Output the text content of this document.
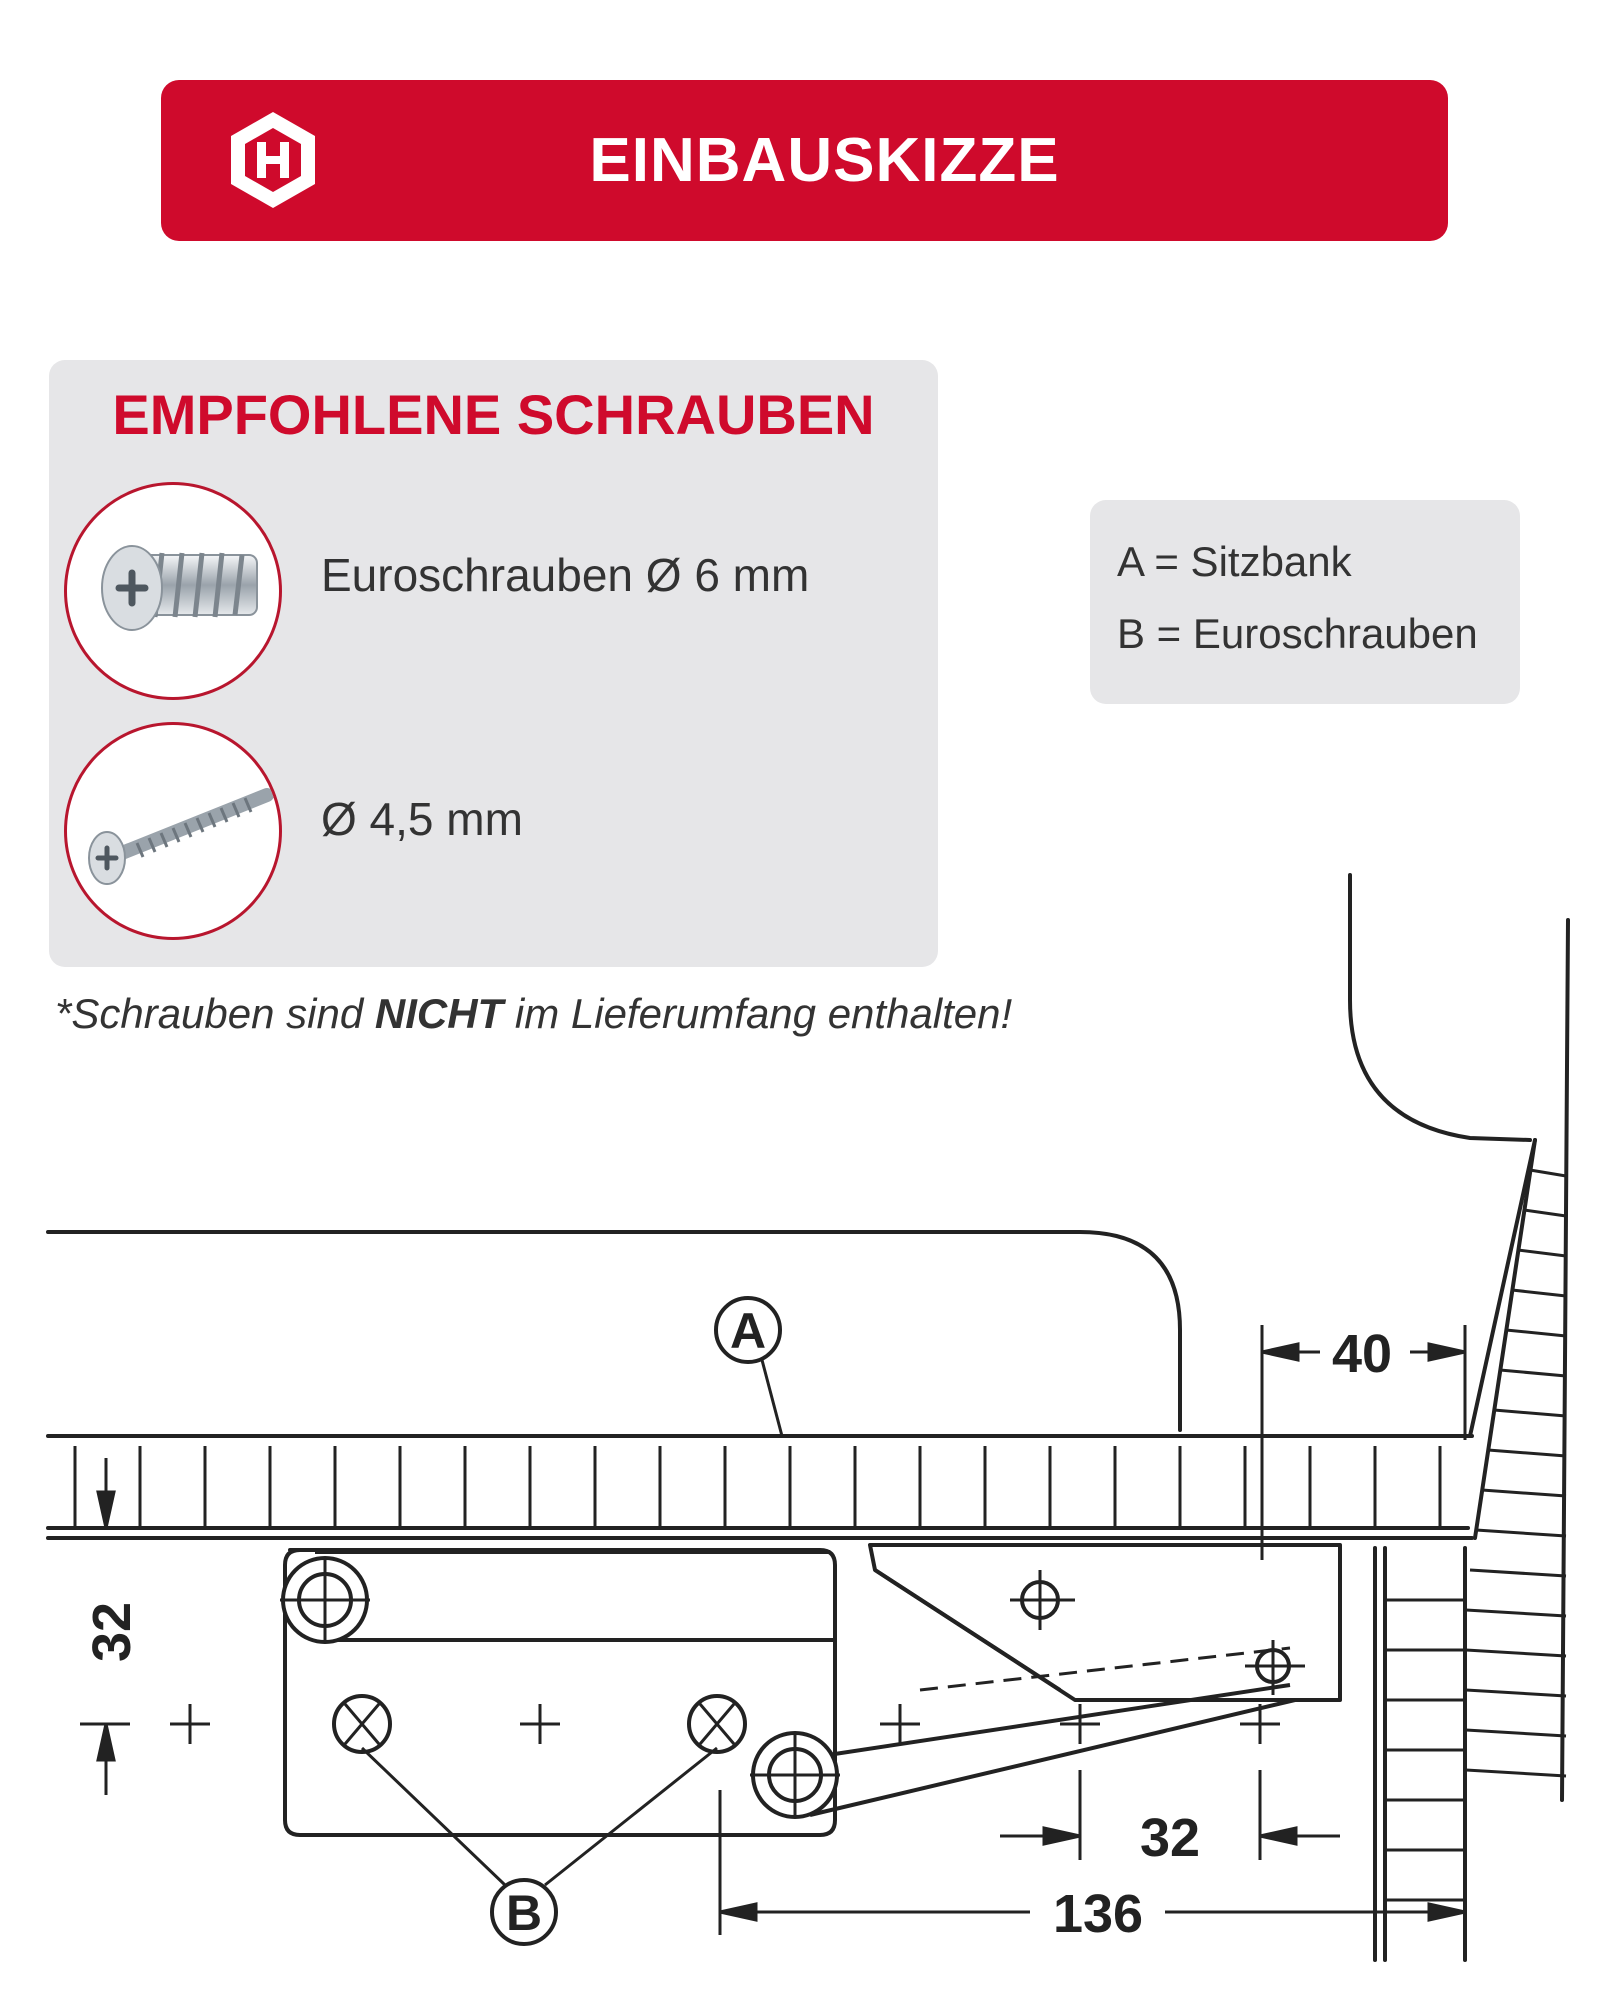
EINBAUSKIZZE
EMPFOHLENE SCHRAUBEN
Euroschrauben Ø 6 mm
Ø 4,5 mm
A = Sitzbank
B = Euroschrauben
*Schrauben sind NICHT im Lieferumfang enthalten!
A
B
40
32
32
136
